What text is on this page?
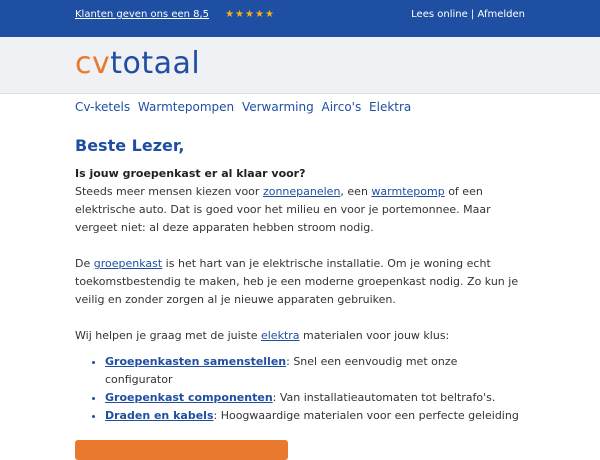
Klanten geven ons een 8,5 ★ ★ ★ ★ ★	Lees online | Afmelden
cvtotaal
Cv-ketels Warmtepompen Verwarming Airco's Elektra
Beste Lezer,
Is jouw groepenkast er al klaar voor?
Steeds meer mensen kiezen voor zonnepanelen, een warmtepomp of een elektrische auto. Dat is goed voor het milieu en voor je portemonnee. Maar vergeet niet: al deze apparaten hebben stroom nodig.
De groepenkast is het hart van je elektrische installatie. Om je woning echt toekomstbestendig te maken, heb je een moderne groepenkast nodig. Zo kun je veilig en zonder zorgen al je nieuwe apparaten gebruiken.
Wij helpen je graag met de juiste elektra materialen voor jouw klus:
• Groepenkasten samenstellen: Snel een eenvoudig met onze configurator
• Groepenkast componenten: Van installatieautomaten tot beltrafo's.
• Draden en kabels: Hoogwaardige materialen voor een perfecte geleiding
